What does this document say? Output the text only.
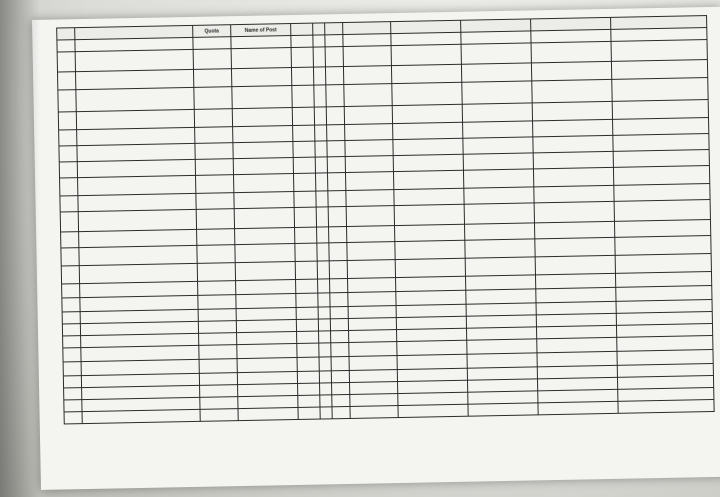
		Quota	Name of Post								
